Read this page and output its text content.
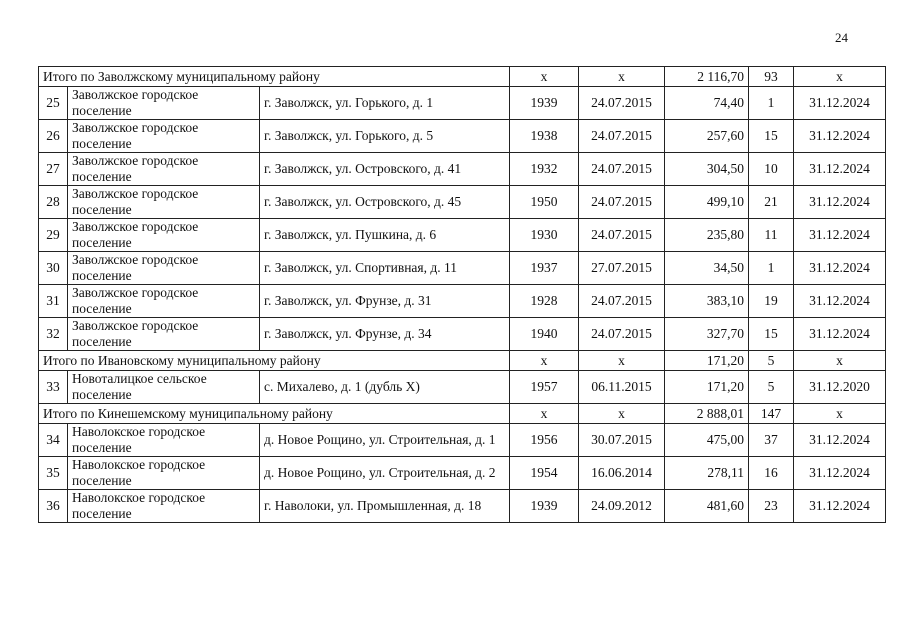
24
Итого по Заволжскому муниципальному району			х	х	2 116,70	93	х
25	Заволжское городское поселение	г. Заволжск, ул. Горького, д. 1	1939	24.07.2015	74,40	1	31.12.2024
26	Заволжское городское поселение	г. Заволжск, ул. Горького, д. 5	1938	24.07.2015	257,60	15	31.12.2024
27	Заволжское городское поселение	г. Заволжск, ул. Островского, д. 41	1932	24.07.2015	304,50	10	31.12.2024
28	Заволжское городское поселение	г. Заволжск, ул. Островского, д. 45	1950	24.07.2015	499,10	21	31.12.2024
29	Заволжское городское поселение	г. Заволжск, ул. Пушкина, д. 6	1930	24.07.2015	235,80	11	31.12.2024
30	Заволжское городское поселение	г. Заволжск, ул. Спортивная, д. 11	1937	27.07.2015	34,50	1	31.12.2024
31	Заволжское городское поселение	г. Заволжск, ул. Фрунзе, д. 31	1928	24.07.2015	383,10	19	31.12.2024
32	Заволжское городское поселение	г. Заволжск, ул. Фрунзе, д. 34	1940	24.07.2015	327,70	15	31.12.2024
Итого по Ивановскому муниципальному району			х	х	171,20	5	х
33	Новоталицкое сельское поселение	с. Михалево, д. 1 (дубль Х)	1957	06.11.2015	171,20	5	31.12.2020
Итого по Кинешемскому муниципальному району			х	х	2 888,01	147	х
34	Наволокское городское поселение	д. Новое Рощино, ул. Строительная, д. 1	1956	30.07.2015	475,00	37	31.12.2024
35	Наволокское городское поселение	д. Новое Рощино, ул. Строительная, д. 2	1954	16.06.2014	278,11	16	31.12.2024
36	Наволокское городское поселение	г. Наволоки, ул. Промышленная, д. 18	1939	24.09.2012	481,60	23	31.12.2024
